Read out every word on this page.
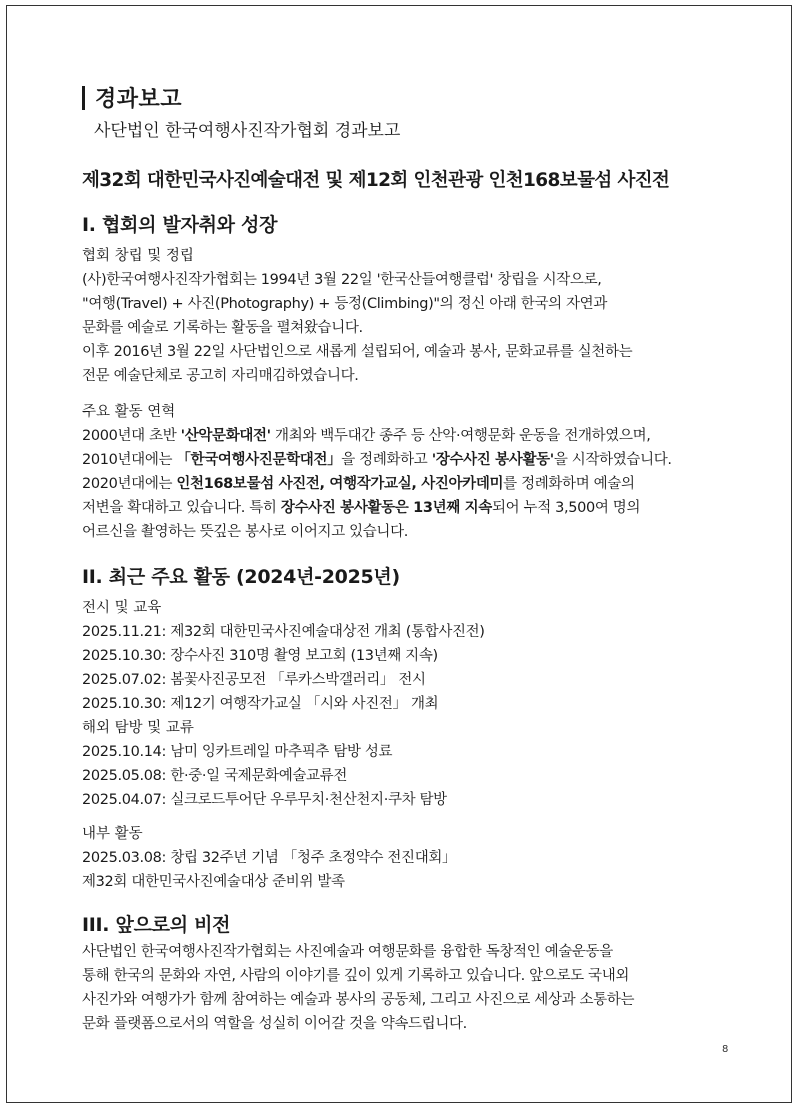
경과보고
사단법인 한국여행사진작가협회 경과보고
제32회 대한민국사진예술대전 및 제12회 인천관광 인천168보물섬 사진전
I. 협회의 발자취와 성장
협회 창립 및 정립
(사)한국여행사진작가협회는 1994년 3월 22일 '한국산들여행클럽' 창립을 시작으로,
"여행(Travel) + 사진(Photography) + 등정(Climbing)"의 정신 아래 한국의 자연과
문화를 예술로 기록하는 활동을 펼쳐왔습니다.
이후 2016년 3월 22일 사단법인으로 새롭게 설립되어, 예술과 봉사, 문화교류를 실천하는
전문 예술단체로 공고히 자리매김하였습니다.
주요 활동 연혁
2000년대 초반 '산악문화대전' 개최와 백두대간 종주 등 산악·여행문화 운동을 전개하였으며,
2010년대에는 「한국여행사진문학대전」을 정례화하고 '장수사진 봉사활동'을 시작하였습니다.
2020년대에는 인천168보물섬 사진전, 여행작가교실, 사진아카데미를 정례화하며 예술의
저변을 확대하고 있습니다. 특히 장수사진 봉사활동은 13년째 지속되어 누적 3,500여 명의
어르신을 촬영하는 뜻깊은 봉사로 이어지고 있습니다.
II. 최근 주요 활동 (2024년-2025년)
전시 및 교육
2025.11.21: 제32회 대한민국사진예술대상전 개최 (통합사진전)
2025.10.30: 장수사진 310명 촬영 보고회 (13년째 지속)
2025.07.02: 봄꽃사진공모전 「루카스박갤러리」 전시
2025.10.30: 제12기 여행작가교실 「시와 사진전」 개최
해외 탐방 및 교류
2025.10.14: 남미 잉카트레일 마추픽추 탐방 성료
2025.05.08: 한·중·일 국제문화예술교류전
2025.04.07: 실크로드투어단 우루무치·천산천지·쿠차 탐방
내부 활동
2025.03.08: 창립 32주년 기념 「청주 초정약수 전진대회」
제32회 대한민국사진예술대상 준비위 발족
III. 앞으로의 비전
사단법인 한국여행사진작가협회는 사진예술과 여행문화를 융합한 독창적인 예술운동을
통해 한국의 문화와 자연, 사람의 이야기를 깊이 있게 기록하고 있습니다. 앞으로도 국내외
사진가와 여행가가 함께 참여하는 예술과 봉사의 공동체, 그리고 사진으로 세상과 소통하는
문화 플랫폼으로서의 역할을 성실히 이어갈 것을 약속드립니다.
8
